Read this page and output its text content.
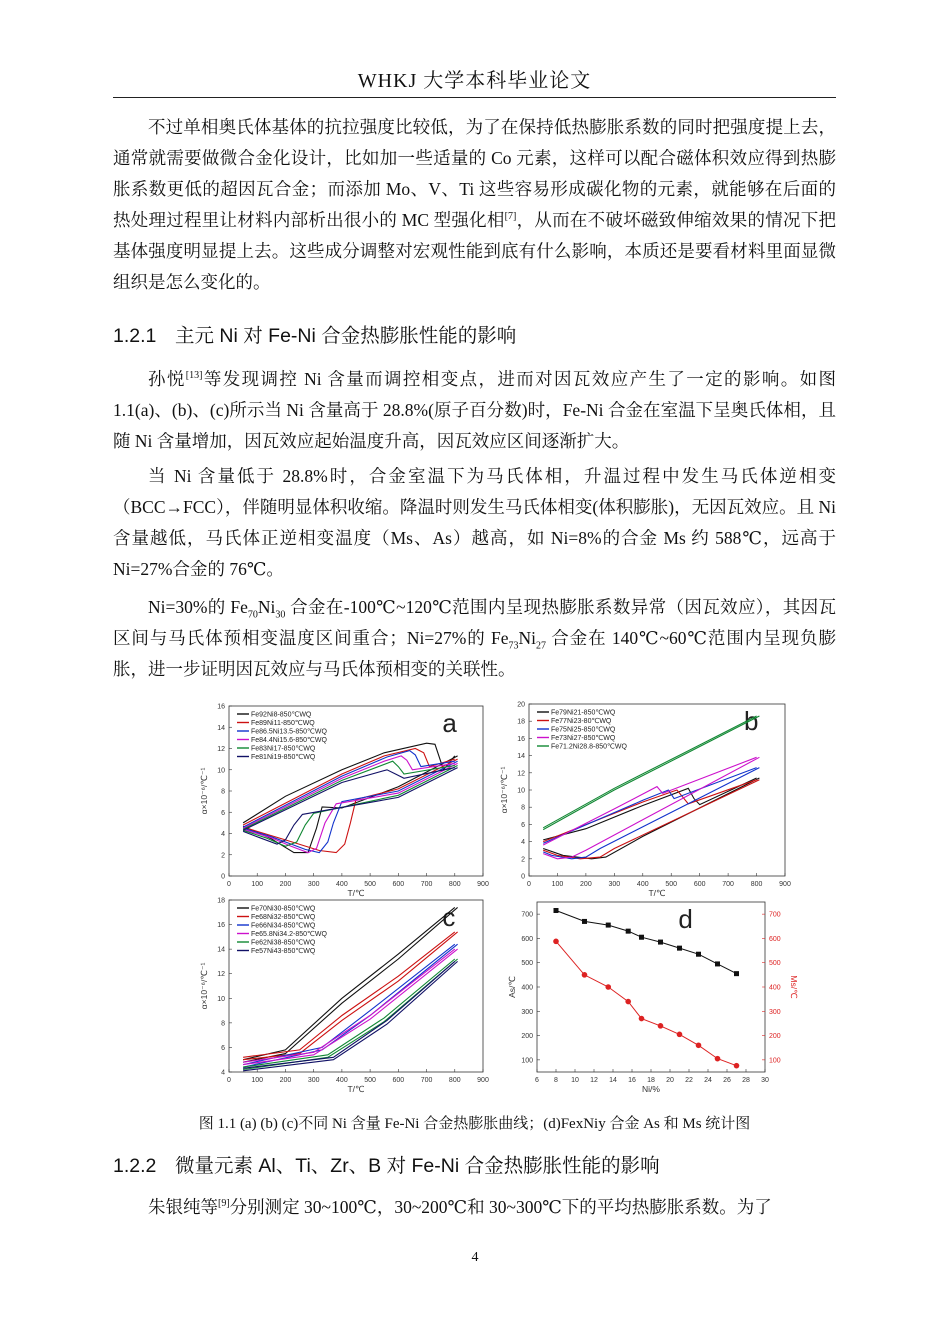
WHKJ 大学本科毕业论文
不过单相奥氏体基体的抗拉强度比较低，为了在保持低热膨胀系数的同时把强度提上去，通常就需要做微合金化设计，比如加一些适量的 Co 元素，这样可以配合磁体积效应得到热膨胀系数更低的超因瓦合金；而添加 Mo、V、Ti 这些容易形成碳化物的元素，就能够在后面的热处理过程里让材料内部析出很小的 MC 型强化相[7]，从而在不破坏磁致伸缩效果的情况下把基体强度明显提上去。这些成分调整对宏观性能到底有什么影响，本质还是要看材料里面显微组织是怎么变化的。
1.2.1 主元 Ni 对 Fe-Ni 合金热膨胀性能的影响
孙悦[13]等发现调控 Ni 含量而调控相变点，进而对因瓦效应产生了一定的影响。如图 1.1(a)、(b)、(c)所示当 Ni 含量高于 28.8%(原子百分数)时，Fe-Ni 合金在室温下呈奥氏体相，且随 Ni 含量增加，因瓦效应起始温度升高，因瓦效应区间逐渐扩大。
当 Ni 含量低于 28.8%时，合金室温下为马氏体相，升温过程中发生马氏体逆相变（BCC→FCC），伴随明显体积收缩。降温时则发生马氏体相变(体积膨胀)，无因瓦效应。且 Ni 含量越低，马氏体正逆相变温度（Ms、As）越高，如 Ni=8%的合金 Ms 约 588℃，远高于 Ni=27%合金的 76℃。
Ni=30%的 $Fe_{70}Ni_{30}$ 合金在-100℃~120℃范围内呈现热膨胀系数异常（因瓦效应），其因瓦区间与马氏体预相变温度区间重合；Ni=27%的 $Fe_{73}Ni_{27}$ 合金在 140℃~60℃范围内呈现负膨胀，进一步证明因瓦效应与马氏体预相变的关联性。
0	100 200 300 400 500 600 700 800 900
0
2
4
6
8
10
12
14
16
T/℃
α×10⁻⁶/℃⁻¹
a
Fe92Ni8-850℃WQ
Fe89Ni11-850℃WQ
Fe86.5Ni13.5-850℃WQ
Fe84.4Ni15.6-850℃WQ
Fe83Ni17-850℃WQ
Fe81Ni19-850℃WQ
0	100 200 300 400 500 600 700 800 900
0
2
4
6
8
10
12
14
16
18
20
T/℃
α×10⁻⁶/℃⁻¹
b
Fe79Ni21-850℃WQ
Fe77Ni23-80℃WQ
Fe75Ni25-850℃WQ
Fe73Ni27-850℃WQ
Fe71.2Ni28.8-850℃WQ
0	100 200 300 400 500 600 700 800 900
4
6
8
10
12
14
16
18
T/℃
α×10⁻⁶/℃⁻¹
c
Fe70Ni30-850℃WQ
Fe68Ni32-850℃WQ
Fe66Ni34-850℃WQ
Fe65.8Ni34.2-850℃WQ
Fe62Ni38-850℃WQ
Fe57Ni43-850℃WQ
6 8 10 12 14 16 18 20 22 24 26 28 30
100
200
300
400
500
600
700
Ni/%
As/℃
d
100
200
300
400
500
600
700
Ms/℃
图 1.1 (a) (b) (c)不同 Ni 含量 Fe-Ni 合金热膨胀曲线；(d)FexNiy 合金 As 和 Ms 统计图
1.2.2 微量元素 Al、Ti、Zr、B 对 Fe-Ni 合金热膨胀性能的影响
朱银纯等[9]分别测定 30~100℃，30~200℃和 30~300℃下的平均热膨胀系数。为了
4
